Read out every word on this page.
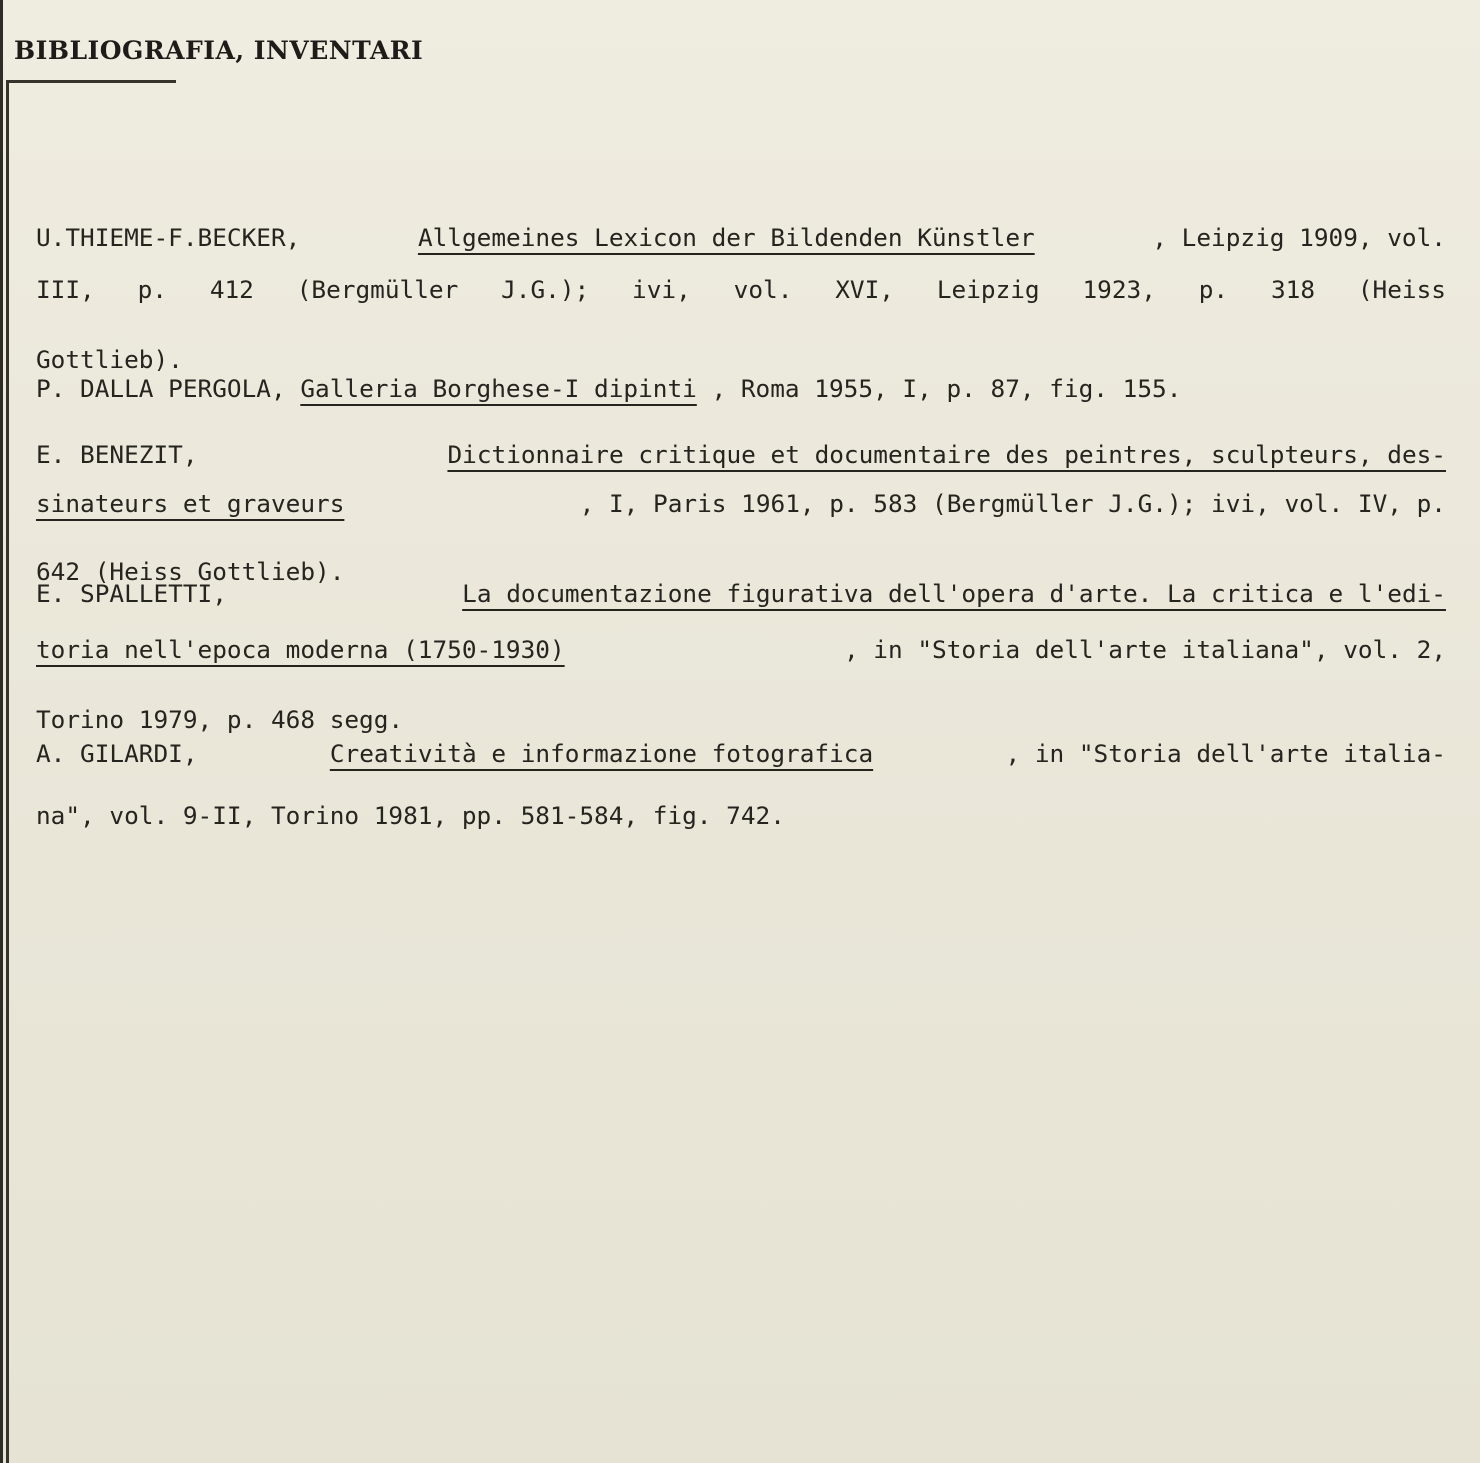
BIBLIOGRAFIA, INVENTARI
U.THIEME-F.BECKER,	Allgemeines Lexicon der Bildenden Künstler	, Leipzig 1909, vol.
III, p. 412 (Bergmüller J.G.); ivi, vol. XVI, Leipzig 1923, p. 318 (Heiss
Gottlieb).
P. DALLA PERGOLA, Galleria Borghese-I dipinti , Roma 1955, I, p. 87, fig. 155.
E. BENEZIT,	Dictionnaire critique et documentaire des peintres, sculpteurs, des-
sinateurs et graveurs	, I, Paris 1961, p. 583 (Bergmüller J.G.); ivi, vol. IV, p.
642 (Heiss Gottlieb).
E. SPALLETTI,	La documentazione figurativa dell'opera d'arte. La critica e l'edi-
toria nell'epoca moderna (1750-1930)	, in "Storia dell'arte italiana", vol. 2,
Torino 1979, p. 468 segg.
A. GILARDI,	Creatività e informazione fotografica	, in "Storia dell'arte italia-
na", vol. 9-II, Torino 1981, pp. 581-584, fig. 742.
